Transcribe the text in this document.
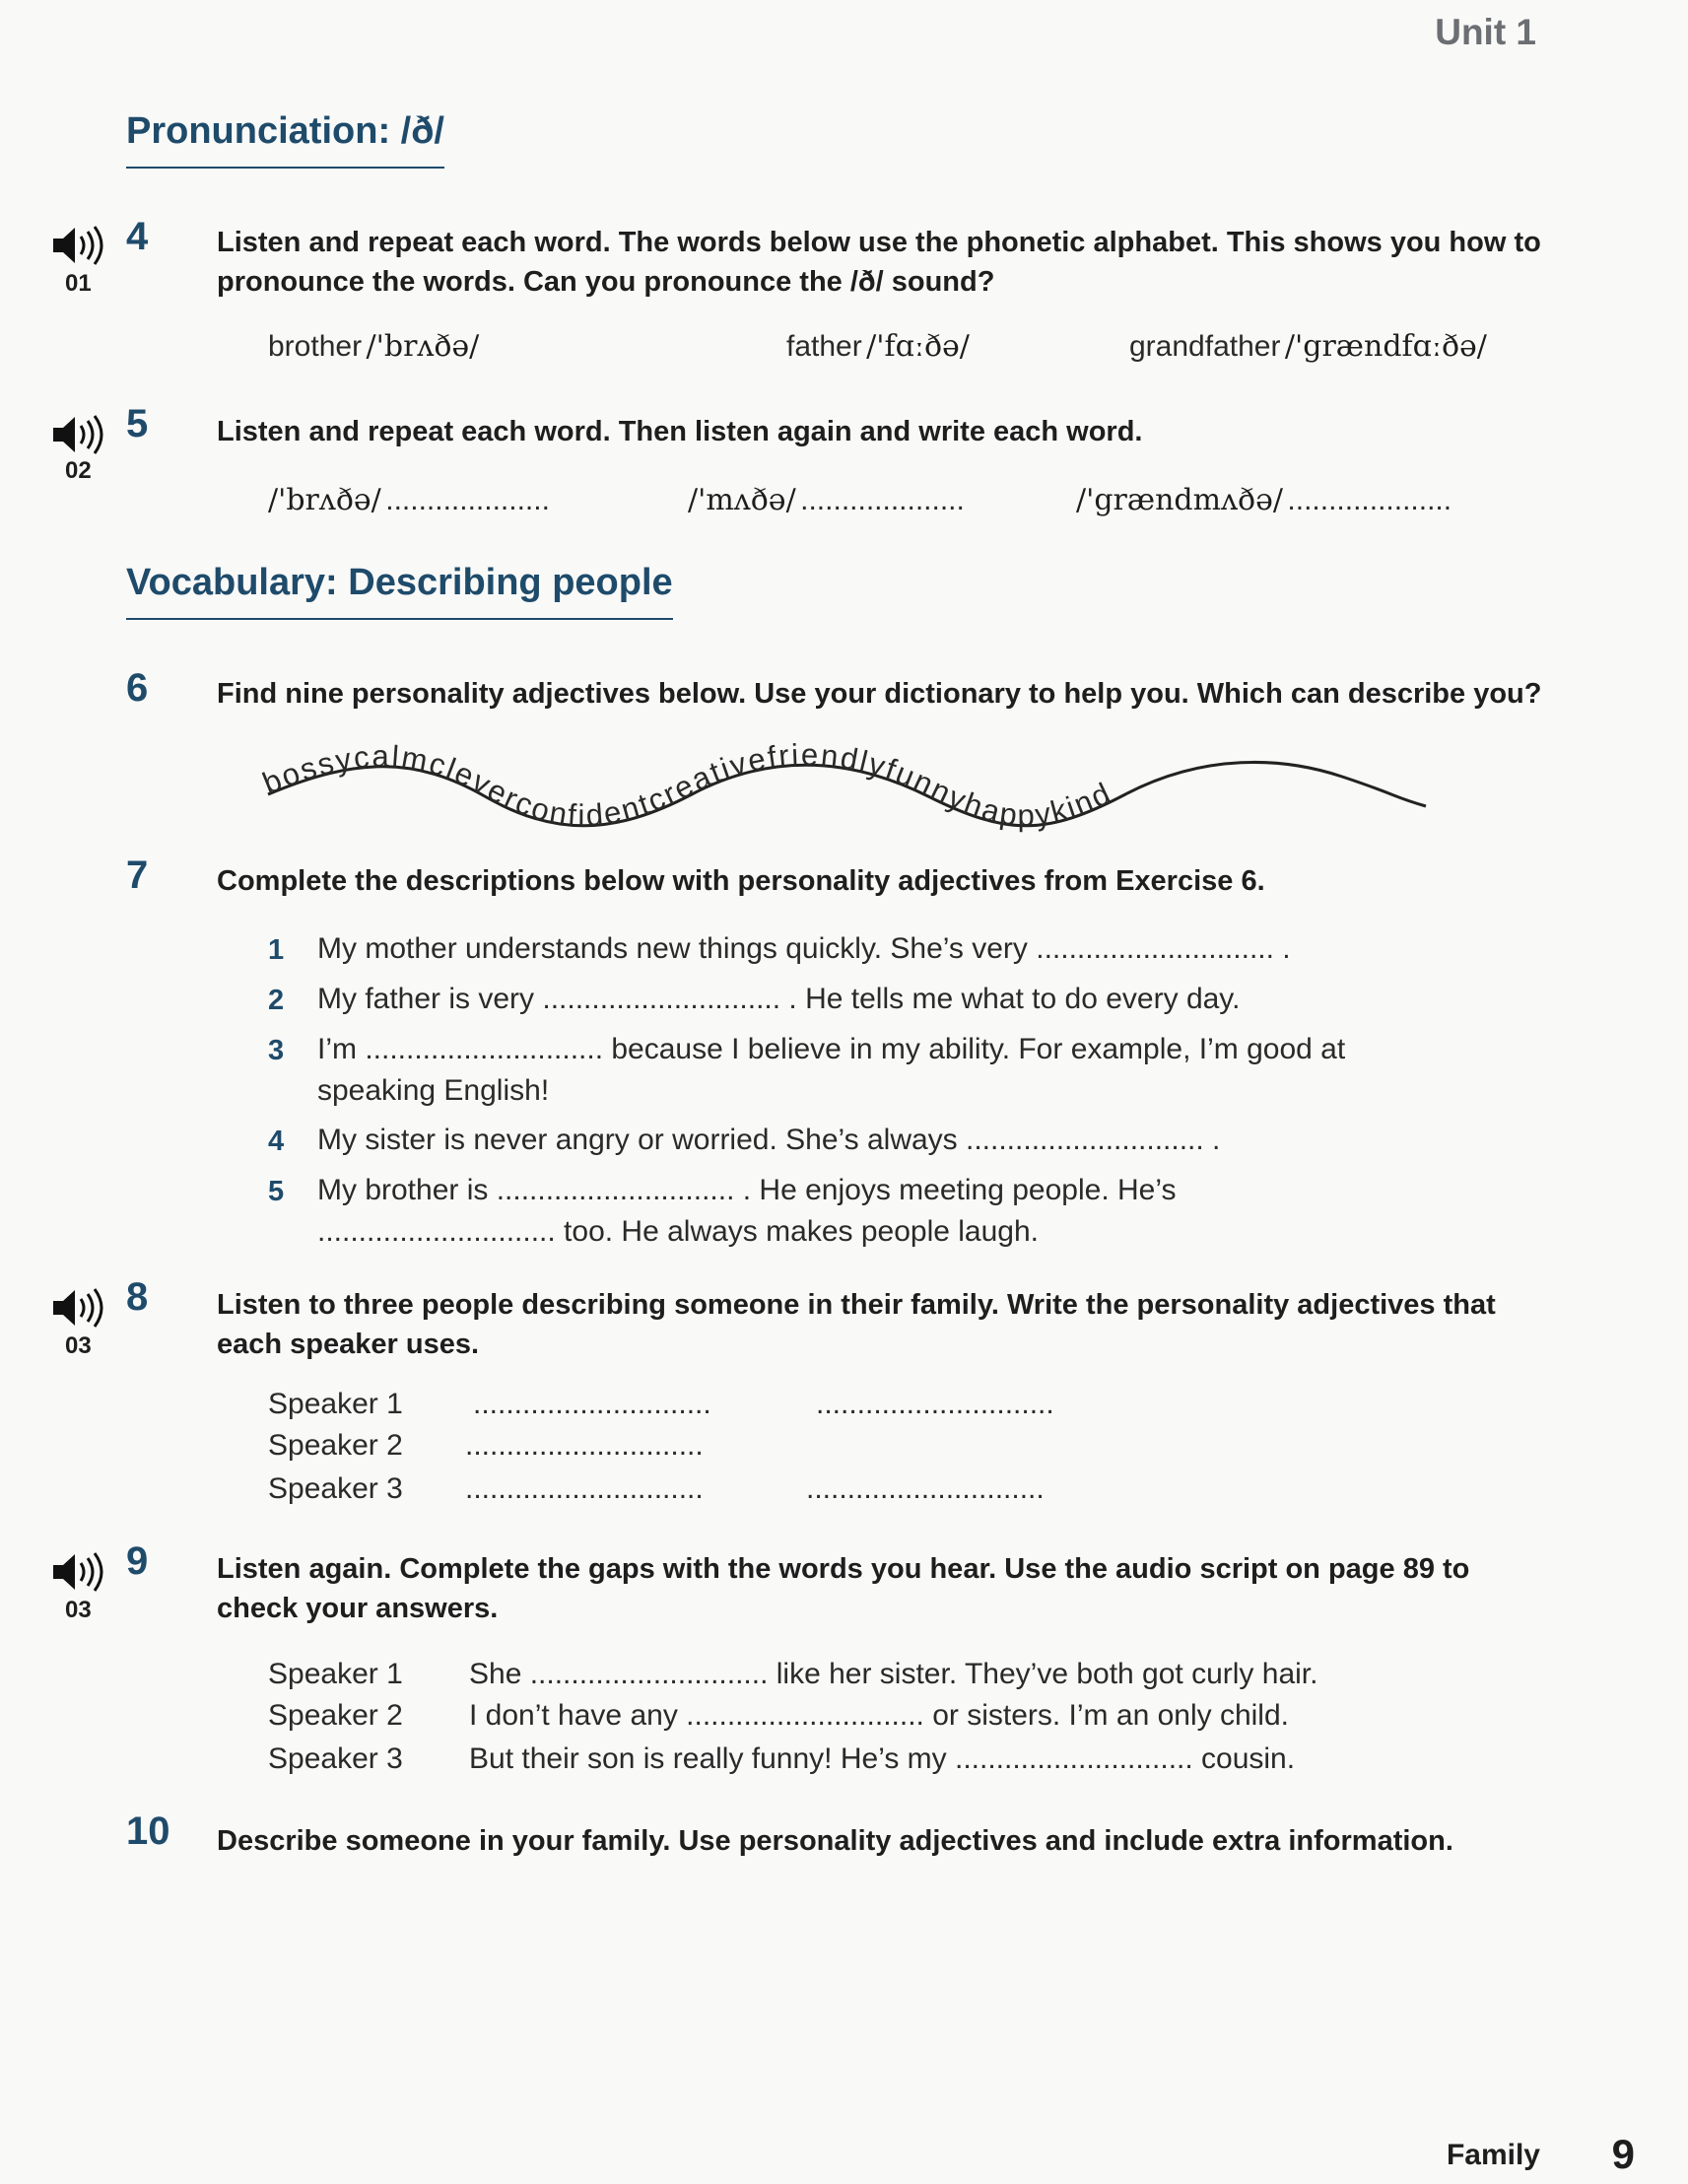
Unit 1
Pronunciation: /ð/
01
4 Listen and repeat each word. The words below use the phonetic alphabet. This shows you how to pronounce the words. Can you pronounce the /ð/ sound?
brother /'brʌðə/	father /'fɑːðə/	grandfather /'grændfɑːðə/
02
5 Listen and repeat each word. Then listen again and write each word.
/'brʌðə/ ....................	/'mʌðə/ ....................	/'grændmʌðə/ ....................
Vocabulary: Describing people
6 Find nine personality adjectives below. Use your dictionary to help you. Which can describe you?
bossycalmcleverconfidentcreativefriendlyfunnyhappykind
7 Complete the descriptions below with personality adjectives from Exercise 6.
1 My mother understands new things quickly. She’s very ............................. .
2 My father is very ............................. . He tells me what to do every day.
3 I’m ............................. because I believe in my ability. For example, I’m good at
speaking English!
4 My sister is never angry or worried. She’s always ............................. .
5 My brother is ............................. . He enjoys meeting people. He’s
............................. too. He always makes people laugh.
03
8 Listen to three people describing someone in their family. Write the personality adjectives that each speaker uses.
Speaker 1 .............................	.............................
Speaker 2 .............................
Speaker 3 .............................	.............................
03
9 Listen again. Complete the gaps with the words you hear. Use the audio script on page 89 to check your answers.
Speaker 1 She ............................. like her sister. They’ve both got curly hair.
Speaker 2 I don’t have any ............................. or sisters. I’m an only child.
Speaker 3 But their son is really funny! He’s my ............................. cousin.
10 Describe someone in your family. Use personality adjectives and include extra information.
Family 9
